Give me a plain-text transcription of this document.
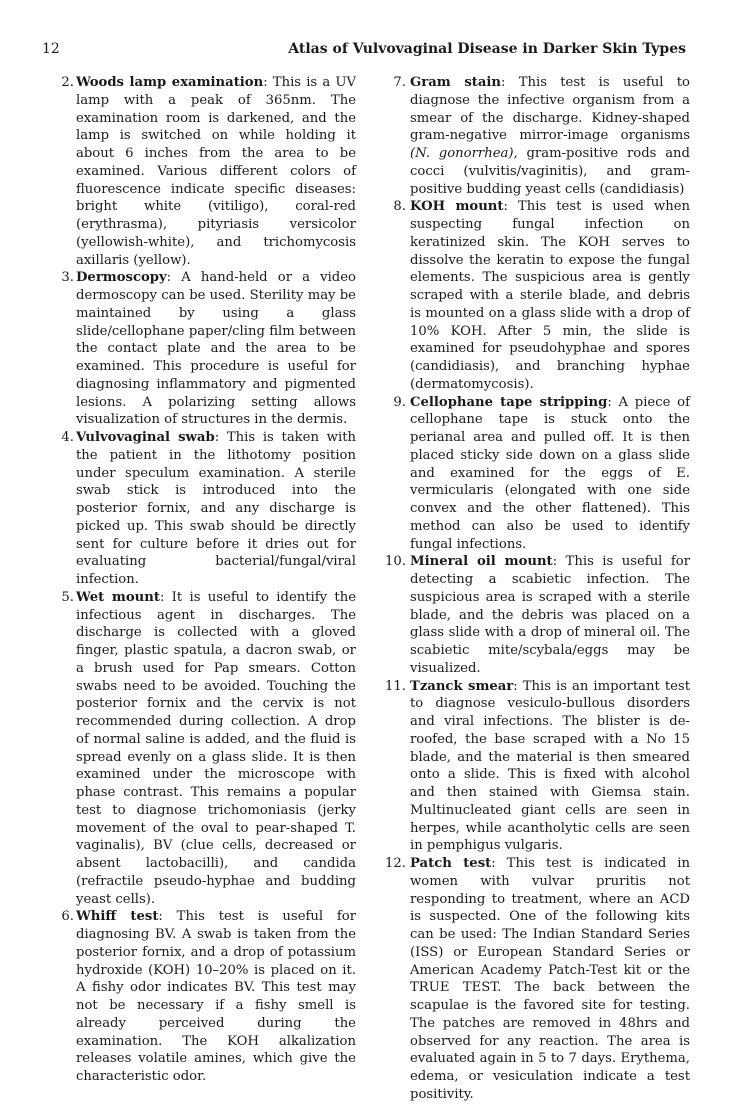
12	Atlas of Vulvovaginal Disease in Darker Skin Types
2. Woods lamp examination: This is a UV lamp with a peak of 365nm. The examination room is darkened, and the lamp is switched on while holding it about 6 inches from the area to be examined. Various different colors of fluorescence indicate specific diseases: bright white (vitiligo), coral-red (erythrasma), pityriasis versicolor (yellowish-white), and trichomycosis axillaris (yellow).
3. Dermoscopy: A hand-held or a video dermoscopy can be used. Sterility may be maintained by using a glass slide/cellophane paper/cling film between the contact plate and the area to be examined. This procedure is useful for diagnosing inflammatory and pigmented lesions. A polarizing setting allows visualization of structures in the dermis.
4. Vulvovaginal swab: This is taken with the patient in the lithotomy position under speculum examination. A sterile swab stick is introduced into the posterior fornix, and any discharge is picked up. This swab should be directly sent for culture before it dries out for evaluating bacterial/fungal/viral infection.
5. Wet mount: It is useful to identify the infectious agent in discharges. The discharge is collected with a gloved finger, plastic spatula, a dacron swab, or a brush used for Pap smears. Cotton swabs need to be avoided. Touching the posterior fornix and the cervix is not recommended during collection. A drop of normal saline is added, and the fluid is spread evenly on a glass slide. It is then examined under the microscope with phase contrast. This remains a popular test to diagnose trichomoniasis (jerky movement of the oval to pear-shaped T. vaginalis), BV (clue cells, decreased or absent lactobacilli), and candida (refractile pseudo-hyphae and budding yeast cells).
6. Whiff test: This test is useful for diagnosing BV. A swab is taken from the posterior fornix, and a drop of potassium hydroxide (KOH) 10–20% is placed on it. A fishy odor indicates BV. This test may not be necessary if a fishy smell is already perceived during the examination. The KOH alkalization releases volatile amines, which give the characteristic odor.
7. Gram stain: This test is useful to diagnose the infective organism from a smear of the discharge. Kidney-shaped gram-negative mirror-image organisms (N. gonorrhea), gram-positive rods and cocci (vulvitis/vaginitis), and gram-positive budding yeast cells (candidiasis)
8. KOH mount: This test is used when suspecting fungal infection on keratinized skin. The KOH serves to dissolve the keratin to expose the fungal elements. The suspicious area is gently scraped with a sterile blade, and debris is mounted on a glass slide with a drop of 10% KOH. After 5 min, the slide is examined for pseudohyphae and spores (candidiasis), and branching hyphae (dermatomycosis).
9. Cellophane tape stripping: A piece of cellophane tape is stuck onto the perianal area and pulled off. It is then placed sticky side down on a glass slide and examined for the eggs of E. vermicularis (elongated with one side convex and the other flattened). This method can also be used to identify fungal infections.
10. Mineral oil mount: This is useful for detecting a scabietic infection. The suspicious area is scraped with a sterile blade, and the debris was placed on a glass slide with a drop of mineral oil. The scabietic mite/scybala/eggs may be visualized.
11. Tzanck smear: This is an important test to diagnose vesiculo-bullous disorders and viral infections. The blister is de-roofed, the base scraped with a No 15 blade, and the material is then smeared onto a slide. This is fixed with alcohol and then stained with Giemsa stain. Multinucleated giant cells are seen in herpes, while acantholytic cells are seen in pemphigus vulgaris.
12. Patch test: This test is indicated in women with vulvar pruritis not responding to treatment, where an ACD is suspected. One of the following kits can be used: The Indian Standard Series (ISS) or European Standard Series or American Academy Patch-Test kit or the TRUE TEST. The back between the scapulae is the favored site for testing. The patches are removed in 48hrs and observed for any reaction. The area is evaluated again in 5 to 7 days. Erythema, edema, or vesiculation indicate a test positivity.
